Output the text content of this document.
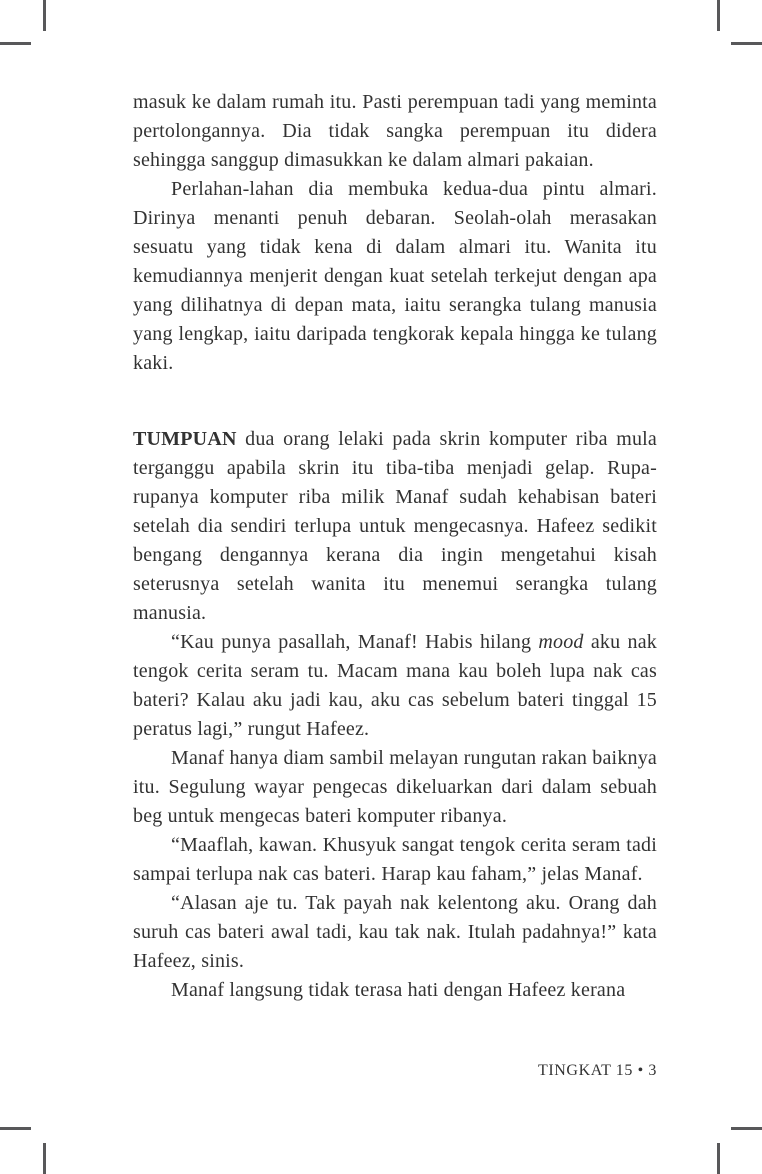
masuk ke dalam rumah itu. Pasti perempuan tadi yang meminta pertolongannya. Dia tidak sangka perempuan itu didera sehingga sanggup dimasukkan ke dalam almari pakaian.

Perlahan-lahan dia membuka kedua-dua pintu almari. Dirinya menanti penuh debaran. Seolah-olah merasakan sesuatu yang tidak kena di dalam almari itu. Wanita itu kemudiannya menjerit dengan kuat setelah terkejut dengan apa yang dilihatnya di depan mata, iaitu serangka tulang manusia yang lengkap, iaitu daripada tengkorak kepala hingga ke tulang kaki.

TUMPUAN dua orang lelaki pada skrin komputer riba mula terganggu apabila skrin itu tiba-tiba menjadi gelap. Rupa-rupanya komputer riba milik Manaf sudah kehabisan bateri setelah dia sendiri terlupa untuk mengecasnya. Hafeez sedikit bengang dengannya kerana dia ingin mengetahui kisah seterusnya setelah wanita itu menemui serangka tulang manusia.

“Kau punya pasallah, Manaf! Habis hilang mood aku nak tengok cerita seram tu. Macam mana kau boleh lupa nak cas bateri? Kalau aku jadi kau, aku cas sebelum bateri tinggal 15 peratus lagi,” rungut Hafeez.

Manaf hanya diam sambil melayan rungutan rakan baiknya itu. Segulung wayar pengecas dikeluarkan dari dalam sebuah beg untuk mengecas bateri komputer ribanya.

“Maaflah, kawan. Khusyuk sangat tengok cerita seram tadi sampai terlupa nak cas bateri. Harap kau faham,” jelas Manaf.

“Alasan aje tu. Tak payah nak kelentong aku. Orang dah suruh cas bateri awal tadi, kau tak nak. Itulah padahnya!” kata Hafeez, sinis.

Manaf langsung tidak terasa hati dengan Hafeez kerana

TINGKAT 15 • 3
